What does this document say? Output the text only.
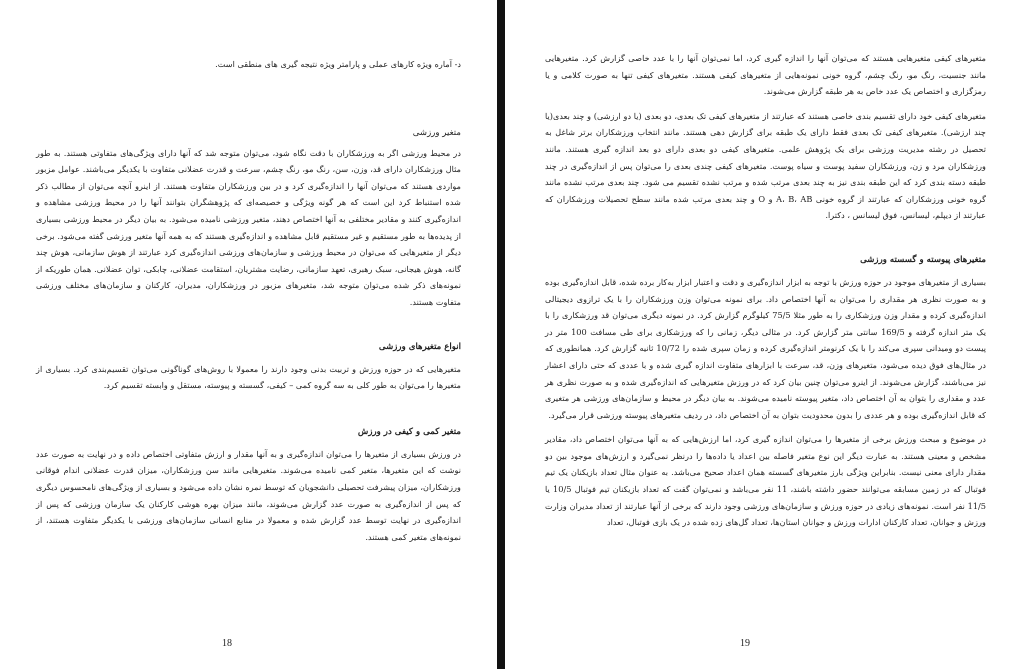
د- آماره ویژه کارهای عملی و پارامتر ویژه نتیجه گیری های منطقی است.

متغیر ورزشی

در محیط ورزشی اگر به ورزشکاران با دقت نگاه شود، می‌توان متوجه شد که آنها دارای ویژگی‌های متفاوتی هستند. به طور مثال ورزشکاران دارای قد، وزن، سن، رنگ مو، رنگ چشم، سرعت و قدرت عضلانی متفاوت با یکدیگر می‌باشند. عوامل مزبور مواردی هستند که می‌توان آنها را اندازه‌گیری کرد و در بین ورزشکاران متفاوت هستند. از اینرو آنچه می‌توان از مطالب ذکر شده استنباط کرد این است که هر گونه ویژگی و خصیصه‌ای که پژوهشگران بتوانند آنها را در محیط ورزشی مشاهده و اندازه‌گیری کنند و مقادیر مختلفی به آنها اختصاص دهند، متغیر ورزشی نامیده می‌شود. به بیان دیگر در محیط ورزشی بسیاری از پدیده‌ها به طور مستقیم و غیر مستقیم قابل مشاهده و اندازه‌گیری هستند که به همه آنها متغیر ورزشی گفته می‌شود. برخی دیگر از متغیرهایی که می‌توان در محیط ورزشی و سازمان‌های ورزشی اندازه‌گیری کرد عبارتند از هوش سازمانی، هوش چند گانه، هوش هیجانی، سبک رهبری، تعهد سازمانی، رضایت مشتریان، استقامت عضلانی، چابکی، توان عضلانی. همان طوریکه از نمونه‌های ذکر شده می‌توان متوجه شد، متغیرهای مزبور در ورزشکاران، مدیران، کارکنان و سازمان‌های مختلف ورزشی متفاوت هستند.

انواع متغیرهای ورزشی

متغیرهایی که در حوزه ورزش و تربیت بدنی وجود دارند را معمولا با روش‌های گوناگونی می‌توان تقسیم‌بندی کرد. بسیاری از متغیرها را می‌توان به طور کلی به سه گروه کمی – کیفی، گسسته و پیوسته، مستقل و وابسته تقسیم کرد.

متغیر کمی و کیفی در ورزش

در ورزش بسیاری از متغیرها را می‌توان اندازه‌گیری و به آنها مقدار و ارزش متفاوتی اختصاص داده و در نهایت به صورت عدد نوشت که این متغیرها، متغیر کمی نامیده می‌شوند. متغیرهایی مانند سن ورزشکاران، میزان قدرت عضلانی اندام فوقانی ورزشکاران، میزان پیشرفت تحصیلی دانشجویان که توسط نمره نشان داده می‌شود و بسیاری از ویژگی‌های نامحسوس دیگری که پس از اندازه‌گیری به صورت عدد گزارش می‌شوند، مانند میزان بهره هوشی کارکنان یک سازمان ورزشی که پس از اندازه‌گیری در نهایت توسط عدد گزارش شده و معمولا در منابع انسانی سازمان‌های ورزشی با یکدیگر متفاوت هستند، از نمونه‌های متغیر کمی هستند.

18

متغیرهای کیفی متغیرهایی هستند که می‌توان آنها را اندازه گیری کرد، اما نمی‌توان آنها را با عدد خاصی گزارش کرد. متغیرهایی مانند جنسیت، رنگ مو، رنگ چشم، گروه خونی نمونه‌هایی از متغیرهای کیفی هستند. متغیرهای کیفی تنها به صورت کلامی و یا رمزگزاری و اختصاص یک عدد خاص به هر طبقه گزارش می‌شوند.

متغیرهای کیفی خود دارای تقسیم بندی خاصی هستند که عبارتند از متغیرهای کیفی تک بعدی، دو بعدی (یا دو ارزشی) و چند بعدی(یا چند ارزشی). متغیرهای کیفی تک بعدی فقط دارای یک طبقه برای گزارش دهی هستند. مانند انتخاب ورزشکاران برتر شاغل به تحصیل در رشته مدیریت ورزشی برای یک پژوهش علمی. متغیرهای کیفی دو بعدی دارای دو بعد اندازه گیری هستند. مانند ورزشکاران مرد و زن، ورزشکاران سفید پوست و سیاه پوست. متغیرهای کیفی چندی بعدی را می‌توان پس از اندازه‌گیری در چند طبقه دسته بندی کرد که این طبقه بندی نیز به چند بعدی مرتب شده و مرتب نشده تقسیم می شود. چند بعدی مرتب نشده مانند گروه خونی ورزشکاران که عبارتند از گروه خونی A، B، AB و O و چند بعدی مرتب شده مانند سطح تحصیلات ورزشکاران که عبارتند از دیپلم، لیسانس، فوق لیسانس ، دکترا.

متغیرهای پیوسته و گسسته ورزشی

بسیاری از متغیرهای موجود در حوزه ورزش با توجه به ابزار اندازه‌گیری و دقت و اعتبار ابزار به‌کار برده شده، قابل اندازه‌گیری بوده و به صورت نظری هر مقداری را می‌توان به آنها اختصاص داد. برای نمونه می‌توان وزن ورزشکاران را با یک ترازوی دیجیتالی اندازه‌گیری کرده و مقدار وزن ورزشکاری را به طور مثلا 75/5 کیلوگرم گزارش کرد. در نمونه دیگری می‌توان قد ورزشکاری را با یک متر اندازه گرفته و 169/5 سانتی متر گزارش کرد. در مثالی دیگر، زمانی را که ورزشکاری برای طی مسافت 100 متر در پیست دو ومیدانی سپری می‌کند را با یک کرنومتر اندازه‌گیری کرده و زمان سپری شده را 10/72 ثانیه گزارش کرد. همانطوری که در مثال‌های فوق دیده می‌شود، متغیرهای وزن، قد، سرعت با ابزارهای متفاوت اندازه گیری شده و با عددی که حتی دارای اعشار نیز می‌باشند، گزارش می‌شوند. از اینرو می‌توان چنین بیان کرد که در ورزش متغیرهایی که اندازه‌گیری شده و به صورت نظری هر عدد و مقداری را بتوان به آن اختصاص داد، متغیر پیوسته نامیده می‌شوند. به بیان دیگر در محیط و سازمان‌های ورزشی هر متغیری که قابل اندازه‌گیری بوده و هر عددی را بدون محدودیت بتوان به آن اختصاص داد، در ردیف متغیرهای پیوسته ورزشی قرار می‌گیرد.

در موضوع و مبحث ورزش برخی از متغیرها را می‌توان اندازه گیری کرد، اما ارزش‌هایی که به آنها می‌توان اختصاص داد، مقادیر مشخص و معینی هستند. به عبارت دیگر این نوع متغیر فاصله بین اعداد یا داده‌ها را درنظر نمی‌گیرد و ارزش‌های موجود بین دو مقدار دارای معنی نیست. بنابراین ویژگی بارز متغیرهای گسسته همان اعداد صحیح می‌باشد. به عنوان مثال تعداد بازیکنان یک تیم فوتبال که در زمین مسابقه می‌توانند حضور داشته باشند، 11 نفر می‌باشد و نمی‌توان گفت که تعداد بازیکنان تیم فوتبال 10/5 یا 11/5 نفر است. نمونه‌های زیادی در حوزه ورزش و سازمان‌های ورزشی وجود دارند که برخی از آنها عبارتند از تعداد مدیران وزارت ورزش و جوانان، تعداد کارکنان ادارات ورزش و جوانان استان‌ها، تعداد گل‌های زده شده در یک بازی فوتبال، تعداد

19
